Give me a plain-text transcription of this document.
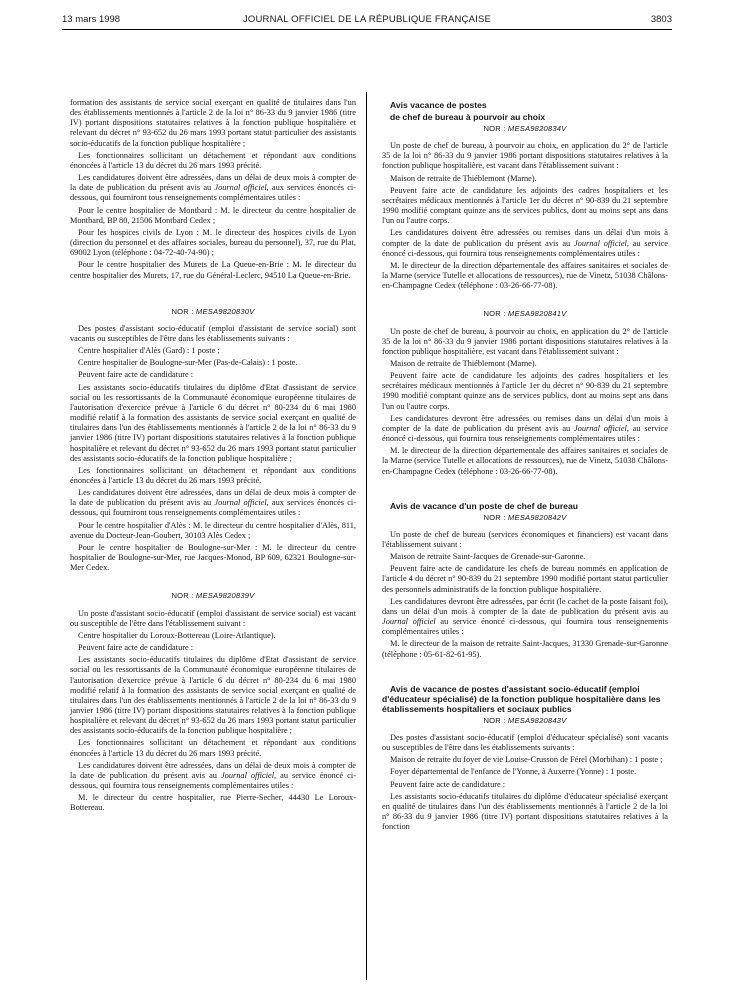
13 mars 1998	JOURNAL OFFICIEL DE LA RÉPUBLIQUE FRANÇAISE	3803

formation des assistants de service social exerçant en qualité de titulaires dans l'un des établissements mentionnés à l'article 2 de la loi n° 86-33 du 9 janvier 1986 (titre IV) portant dispositions statutaires relatives à la fonction publique hospitalière et relevant du décret n° 93-652 du 26 mars 1993 portant statut particulier des assistants socio-éducatifs de la fonction publique hospitalière ;

Les fonctionnaires sollicitant un détachement et répondant aux conditions énoncées à l'article 13 du décret du 26 mars 1993 précité.

Les candidatures doivent être adressées, dans un délai de deux mois à compter de la date de publication du présent avis au Journal officiel, aux services énoncés ci-dessous, qui fourniront tous renseignements complémentaires utiles :

Pour le centre hospitalier de Montbard : M. le directeur du centre hospitalier de Montbard, BP 80, 21506 Montbard Cedex ;

Pour les hospices civils de Lyon : M. le directeur des hospices civils de Lyon (direction du personnel et des affaires sociales, bureau du personnel), 37, rue du Plat, 69002 Lyon (téléphone : 04-72-40-74-90) ;

Pour le centre hospitalier des Murets de La Queue-en-Brie : M. le directeur du centre hospitalier des Murets, 17, rue du Général-Leclerc, 94510 La Queue-en-Brie.

NOR : MESA9820830V

Des postes d'assistant socio-éducatif (emploi d'assistant de service social) sont vacants ou susceptibles de l'être dans les établissements suivants :

Centre hospitalier d'Alès (Gard) : 1 poste ;

Centre hospitalier de Boulogne-sur-Mer (Pas-de-Calais) : 1 poste.

Peuvent faire acte de candidature :

Les assistants socio-éducatifs titulaires du diplôme d'Etat d'assistant de service social ou les ressortissants de la Communauté économique européenne titulaires de l'autorisation d'exercice prévue à l'article 6 du décret n° 80-234 du 6 mai 1980 modifié relatif à la formation des assistants de service social exerçant en qualité de titulaires dans l'un des établissements mentionnés à l'article 2 de la loi n° 86-33 du 9 janvier 1986 (titre IV) portant dispositions statutaires relatives à la fonction publique hospitalière et relevant du décret n° 93-652 du 26 mars 1993 portant statut particulier des assistants socio-éducatifs de la fonction publique hospitalière ;

Les fonctionnaires sollicitant un détachement et répondant aux conditions énoncées à l'article 13 du décret du 26 mars 1993 précité.

Les candidatures doivent être adressées, dans un délai de deux mois à compter de la date de publication du présent avis au Journal officiel, aux services énoncés ci-dessous, qui fourniront tous renseignements complémentaires utiles :

Pour le centre hospitalier d'Alès : M. le directeur du centre hospitalier d'Alès, 811, avenue du Docteur-Jean-Goubert, 30103 Alès Cedex ;

Pour le centre hospitalier de Boulogne-sur-Mer : M. le directeur du centre hospitalier de Boulogne-sur-Mer, rue Jacques-Monod, BP 609, 62321 Boulogne-sur-Mer Cedex.

NOR : MESA9820839V

Un poste d'assistant socio-éducatif (emploi d'assistant de service social) est vacant ou susceptible de l'être dans l'établissement suivant :

Centre hospitalier du Loroux-Bottereau (Loire-Atlantique).

Peuvent faire acte de candidature :

Les assistants socio-éducatifs titulaires du diplôme d'Etat d'assistant de service social ou les ressortissants de la Communauté économique européenne titulaires de l'autorisation d'exercice prévue à l'article 6 du décret n° 80-234 du 6 mai 1980 modifié relatif à la formation des assistants de service social exerçant en qualité de titulaires dans l'un des établissements mentionnés à l'article 2 de la loi n° 86-33 du 9 janvier 1986 (titre IV) portant dispositions statutaires relatives à la fonction publique hospitalière et relevant du décret n° 93-652 du 26 mars 1993 portant statut particulier des assistants socio-éducatifs de la fonction publique hospitalière ;

Les fonctionnaires sollicitant un détachement et répondant aux conditions énoncées à l'article 13 du décret du 26 mars 1993 précité.

Les candidatures doivent être adressées, dans un délai de deux mois à compter de la date de publication du présent avis au Journal officiel, au service énoncé ci-dessous, qui fournira tous renseignements complémentaires utiles :

M. le directeur du centre hospitalier, rue Pierre-Secher, 44430 Le Loroux-Bottereau.

Avis vacance de postes

de chef de bureau à pourvoir au choix

NOR : MESA9820834V

Un poste de chef de bureau, à pourvoir au choix, en application du 2° de l'article 35 de la loi n° 86-33 du 9 janvier 1986 portant dispositions statutaires relatives à la fonction publique hospitalière, est vacant dans l'établissement suivant :

Maison de retraite de Thiéblemont (Marne).

Peuvent faire acte de candidature les adjoints des cadres hospitaliers et les secrétaires médicaux mentionnés à l'article 1er du décret n° 90-839 du 21 septembre 1990 modifié comptant quinze ans de services publics, dont au moins sept ans dans l'un ou l'autre corps.

Les candidatures doivent être adressées ou remises dans un délai d'un mois à compter de la date de publication du présent avis au Journal officiel, au service énoncé ci-dessous, qui fournira tous renseignements complémentaires utiles :

M. le directeur de la direction départementale des affaires sanitaires et sociales de la Marne (service Tutelle et allocations de ressources), rue de Vinetz, 51038 Châlons-en-Champagne Cedex (téléphone : 03-26-66-77-08).

NOR : MESA9820841V

Un poste de chef de bureau, à pourvoir au choix, en application du 2° de l'article 35 de la loi n° 86-33 du 9 janvier 1986 portant dispositions statutaires relatives à la fonction publique hospitalière, est vacant dans l'établissement suivant :

Maison de retraite de Thiéblemont (Marne).

Peuvent faire acte de candidature les adjoints des cadres hospitaliers et les secrétaires médicaux mentionnés à l'article 1er du décret n° 90-839 du 21 septembre 1990 modifié comptant quinze ans de services publics, dont au moins sept ans dans l'un ou l'autre corps.

Les candidatures devront être adressées ou remises dans un délai d'un mois à compter de la date de publication du présent avis au Journal officiel, au service énoncé ci-dessous, qui fournira tous renseignements complémentaires utiles :

M. le directeur de la direction départementale des affaires sanitaires et sociales de la Marne (service Tutelle et allocations de ressources), rue de Vinetz, 51038 Châlons-en-Champagne Cedex (téléphone : 03-26-66-77-08).

Avis de vacance d'un poste de chef de bureau

NOR : MESA9820842V

Un poste de chef de bureau (services économiques et financiers) est vacant dans l'établissement suivant :

Maison de retraite Saint-Jacques de Grenade-sur-Garonne.

Peuvent faire acte de candidature les chefs de bureau nommés en application de l'article 4 du décret n° 90-839 du 21 septembre 1990 modifié portant statut particulier des personnels administratifs de la fonction publique hospitalière.

Les candidatures devront être adressées, par écrit (le cachet de la poste faisant foi), dans un délai d'un mois à compter de la date de publication du présent avis au Journal officiel au service énoncé ci-dessous, qui fournira tous renseignements complémentaires utiles :

M. le directeur de la maison de retraite Saint-Jacques, 31330 Grenade-sur-Garonne (téléphone : 05-61-82-61-95).

Avis de vacance de postes d'assistant socio-éducatif (emploi d'éducateur spécialisé) de la fonction publique hospitalière dans les établissements hospitaliers et sociaux publics

NOR : MESA9820843V

Des postes d'assistant socio-éducatif (emploi d'éducateur spécialisé) sont vacants ou susceptibles de l'être dans les établissements suivants :

Maison de retraite du foyer de vie Louise-Crusson de Férel (Morbihan) : 1 poste ;

Foyer départemental de l'enfance de l'Yonne, à Auxerre (Yonne) : 1 poste.

Peuvent faire acte de candidature :

Les assistants socio-éducatifs titulaires du diplôme d'éducateur spécialisé exerçant en qualité de titulaires dans l'un des établissements mentionnés à l'article 2 de la loi n° 86-33 du 9 janvier 1986 (titre IV) portant dispositions statutaires relatives à la fonction
